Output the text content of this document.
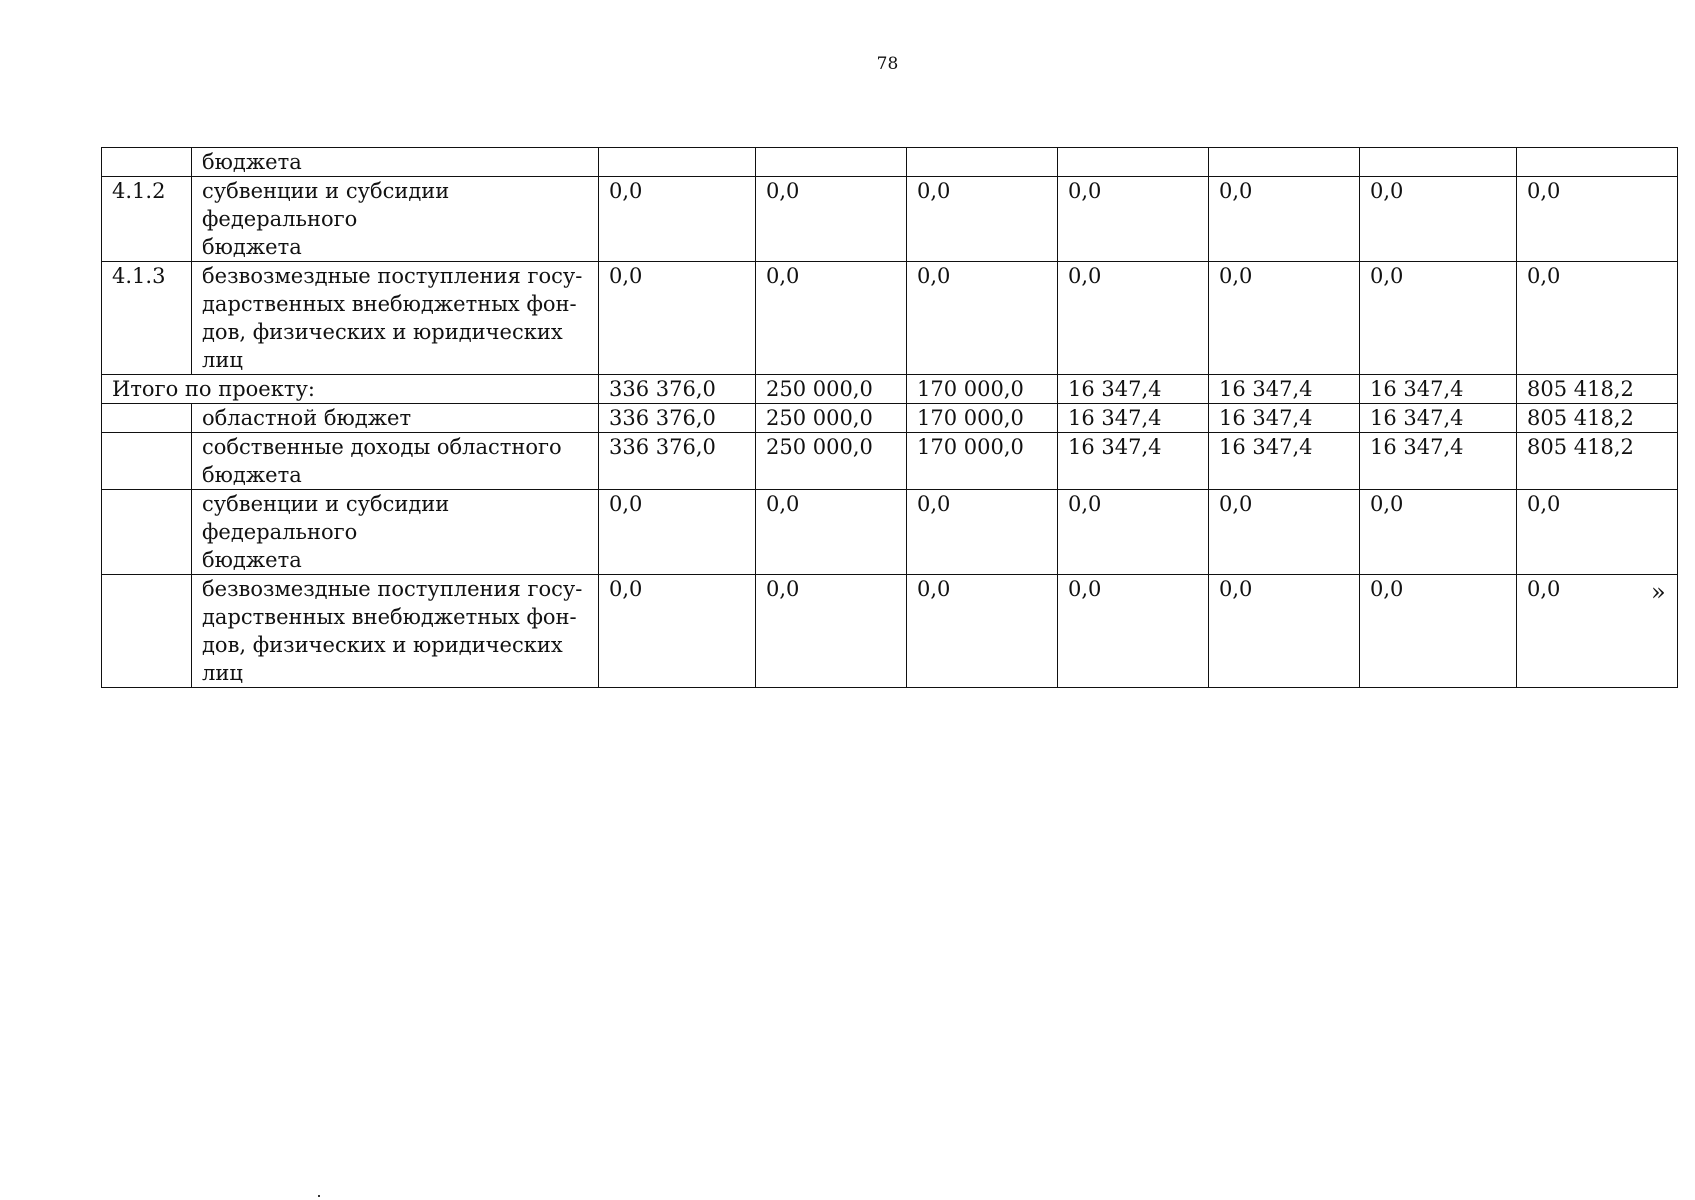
78

	бюджета							

4.1.2	субвенции и субсидии федерального
бюджета	0,0	0,0	0,0	0,0	0,0	0,0	0,0
4.1.3	безвозмездные поступления госу-
дарственных внебюджетных фон-
дов, физических и юридических лиц	0,0	0,0	0,0	0,0	0,0	0,0	0,0
Итого по проекту:		336 376,0	250 000,0	170 000,0	16 347,4	16 347,4	16 347,4	805 418,2

	областной бюджет	336 376,0	250 000,0	170 000,0	16 347,4	16 347,4	16 347,4	805 418,2

	собственные доходы областного
бюджета	336 376,0	250 000,0	170 000,0	16 347,4	16 347,4	16 347,4	805 418,2

	субвенции и субсидии федерального
бюджета	0,0	0,0	0,0	0,0	0,0	0,0	0,0

	безвозмездные поступления госу-
дарственных внебюджетных фон-
дов, физических и юридических лиц	0,0	0,0	0,0	0,0	0,0	0,0	0,0	»
